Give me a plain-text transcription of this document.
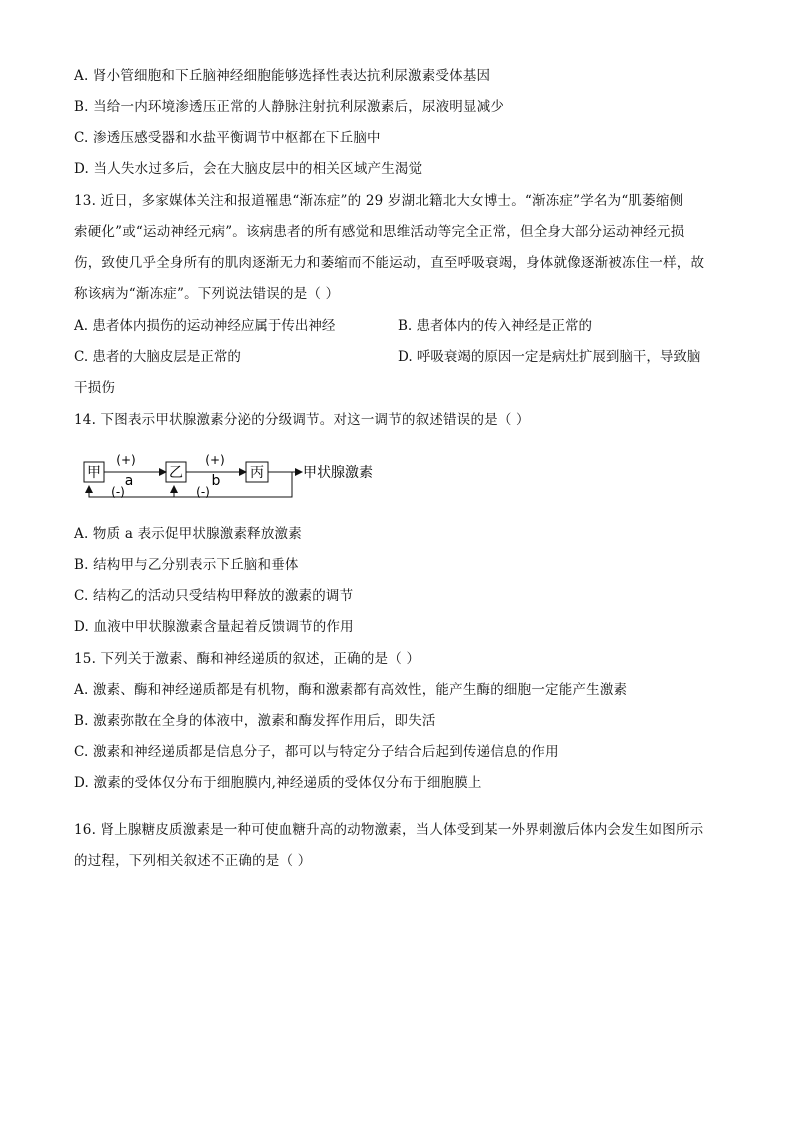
A. 肾小管细胞和下丘脑神经细胞能够选择性表达抗利尿激素受体基因
B. 当给一内环境渗透压正常的人静脉注射抗利尿激素后，尿液明显减少
C. 渗透压感受器和水盐平衡调节中枢都在下丘脑中
D. 当人失水过多后，会在大脑皮层中的相关区域产生渴觉
13. 近日，多家媒体关注和报道罹患“渐冻症”的 29 岁湖北籍北大女博士。“渐冻症”学名为“肌萎缩侧
索硬化”或“运动神经元病”。该病患者的所有感觉和思维活动等完全正常，但全身大部分运动神经元损
伤，致使几乎全身所有的肌肉逐渐无力和萎缩而不能运动，直至呼吸衰竭，身体就像逐渐被冻住一样，故
称该病为“渐冻症”。下列说法错误的是（ ）
A. 患者体内损伤的运动神经应属于传出神经	B. 患者体内的传入神经是正常的
C. 患者的大脑皮层是正常的	D. 呼吸衰竭的原因一定是病灶扩展到脑干，导致脑
干损伤
14. 下图表示甲状腺激素分泌的分级调节。对这一调节的叙述错误的是（ ）
甲
(+)
a	乙
(+)
b 丙	甲状腺激素
(-)	(-)
A. 物质 a 表示促甲状腺激素释放激素
B. 结构甲与乙分别表示下丘脑和垂体
C. 结构乙的活动只受结构甲释放的激素的调节
D. 血液中甲状腺激素含量起着反馈调节的作用
15. 下列关于激素、酶和神经递质的叙述，正确的是（ ）
A. 激素、酶和神经递质都是有机物，酶和激素都有高效性，能产生酶的细胞一定能产生激素
B. 激素弥散在全身的体液中，激素和酶发挥作用后，即失活
C. 激素和神经递质都是信息分子，都可以与特定分子结合后起到传递信息的作用
D. 激素的受体仅分布于细胞膜内,神经递质的受体仅分布于细胞膜上
16. 肾上腺糖皮质激素是一种可使血糖升高的动物激素，当人体受到某一外界刺激后体内会发生如图所示
的过程，下列相关叙述不正确的是（ ）
